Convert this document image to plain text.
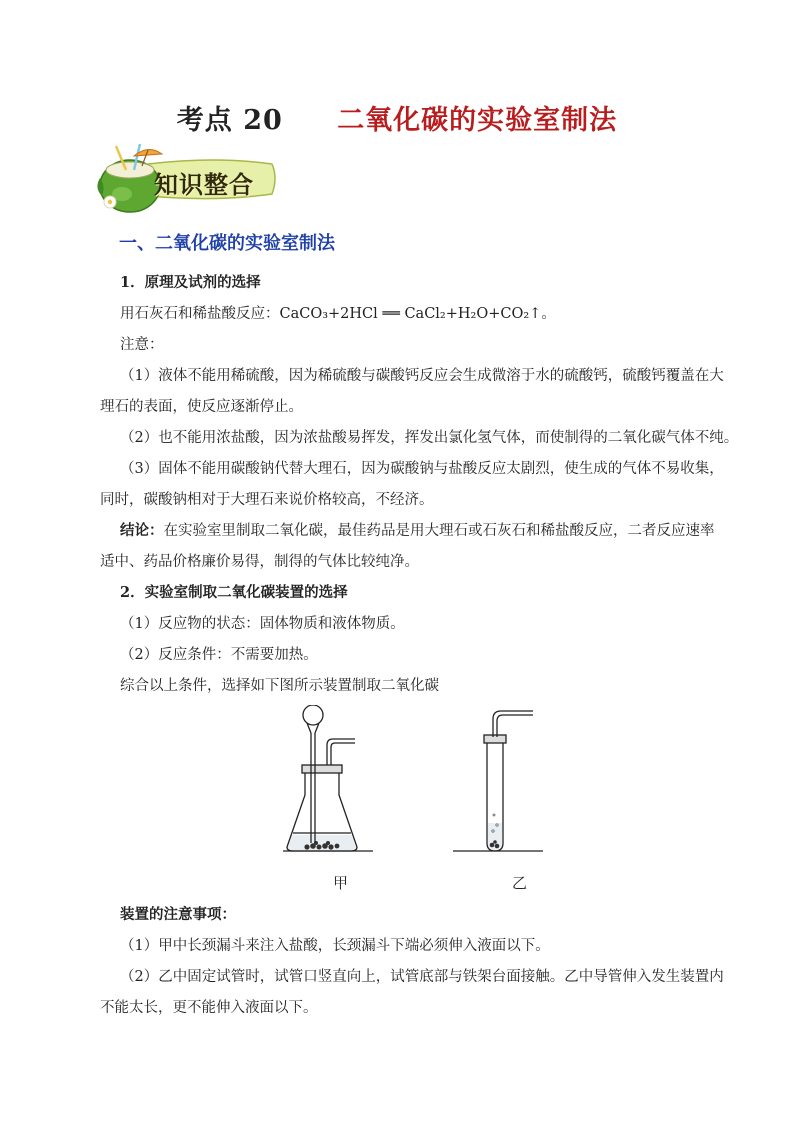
考点 20 二氧化碳的实验室制法
知识整合
一、二氧化碳的实验室制法
1．原理及试剂的选择
用石灰石和稀盐酸反应：CaCO₃+2HCl ══ CaCl₂+H₂O+CO₂↑。
注意：
（1）液体不能用稀硫酸，因为稀硫酸与碳酸钙反应会生成微溶于水的硫酸钙，硫酸钙覆盖在大
理石的表面，使反应逐渐停止。
（2）也不能用浓盐酸，因为浓盐酸易挥发，挥发出氯化氢气体，而使制得的二氧化碳气体不纯。
（3）固体不能用碳酸钠代替大理石，因为碳酸钠与盐酸反应太剧烈，使生成的气体不易收集，
同时，碳酸钠相对于大理石来说价格较高，不经济。
结论：在实验室里制取二氧化碳，最佳药品是用大理石或石灰石和稀盐酸反应，二者反应速率
适中、药品价格廉价易得，制得的气体比较纯净。
2．实验室制取二氧化碳装置的选择
（1）反应物的状态：固体物质和液体物质。
（2）反应条件：不需要加热。
综合以上条件，选择如下图所示装置制取二氧化碳
甲	乙
装置的注意事项：
（1）甲中长颈漏斗来注入盐酸，长颈漏斗下端必须伸入液面以下。
（2）乙中固定试管时，试管口竖直向上，试管底部与铁架台面接触。乙中导管伸入发生装置内
不能太长，更不能伸入液面以下。
